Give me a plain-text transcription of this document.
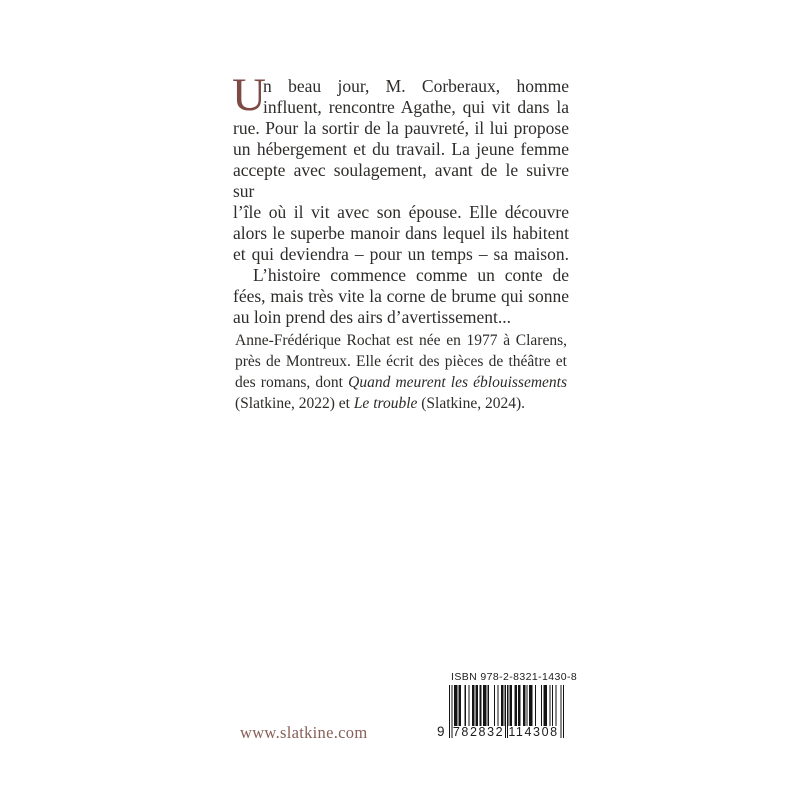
U
n beau jour, M. Corberaux, homme
influent, rencontre Agathe, qui vit dans la
rue. Pour la sortir de la pauvreté, il lui propose
un hébergement et du travail. La jeune femme
accepte avec soulagement, avant de le suivre sur
l’île où il vit avec son épouse. Elle découvre
alors le superbe manoir dans lequel ils habitent
et qui deviendra – pour un temps – sa maison.
L’histoire commence comme un conte de
fées, mais très vite la corne de brume qui sonne
au loin prend des airs d’avertissement...
Anne-Frédérique Rochat est née en 1977 à Clarens,
près de Montreux. Elle écrit des pièces de théâtre et
des romans, dont Quand meurent les éblouissements
(Slatkine, 2022) et Le trouble (Slatkine, 2024).
www.slatkine.com
ISBN 978-2-8321-1430-8
9 782832 114308
